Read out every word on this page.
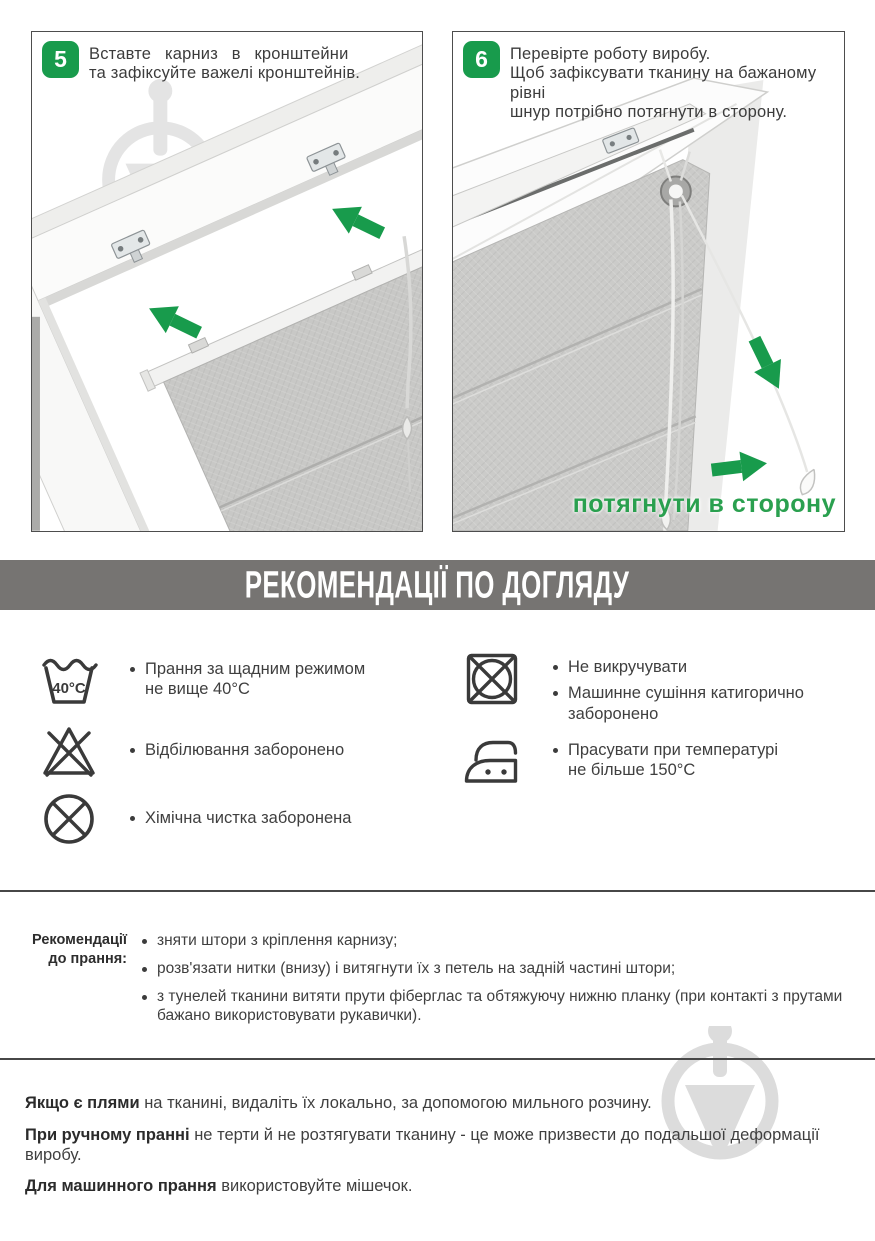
5	Вставте карниз в кронштейни
та зафіксуйте важелі кронштейнів.
6	Перевірте роботу виробу.
Щоб зафіксувати тканину на бажаному рівні
шнур потрібно потягнути в сторону.
потягнути в сторону
РЕКОМЕНДАЦІЇ ПО ДОГЛЯДУ
40°C
Прання за щадним режимом
не вище 40°С
Відбілювання заборонено
Хімічна чистка заборонена
Не викручувати
Машинне сушіння катигорично заборонено
Прасувати при температурі
не більше 150°С
Рекомендації
до прання:
зняти штори з кріплення карнизу;
розв'язати нитки (внизу) і витягнути їх з петель на задній частині штори;
з тунелей тканини витяти прути фіберглас та обтяжуючу нижню планку (при контакті з прутами бажано використовувати рукавички).
Якщо є плями на тканині, видаліть їх локально, за допомогою мильного розчину.
При ручному пранні не терти й не розтягувати тканину - це може призвести до подальшої деформації виробу.
Для машинного прання використовуйте мішечок.
